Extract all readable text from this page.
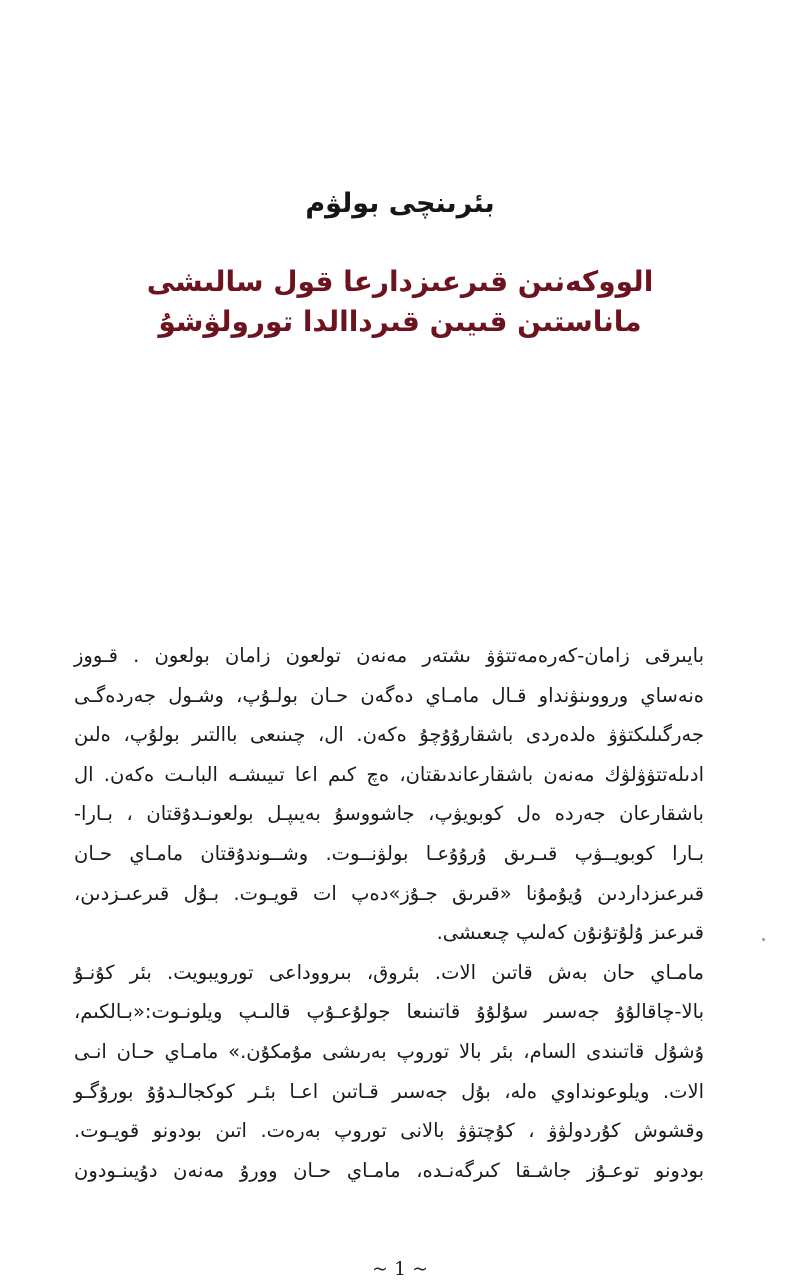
بئرىنچى بولۋم
الووكەنىن قىرعىزدارعا قول سالىشى
ماناستىن قىيىن قىرداالدا تورولۋشۇ

بايىرقى زامان-كەرەمەتتۋۋ ىشتەر مەنەن تولعون زامان بولعون . قـووز
ەنەساي ورووىنۋنداو قـال مامـاي دەگەن حـان بولـۇپ، وشـول جەردەگـى
جەرگىلىكتۋۋ ەلدەردى باشقارۇۇچۇ ەكەن. ال، چىنىعى باالتىر بولۇپ، ەلىن
ادىلەتتۋۋلۋك مەنەن باشقارعاندىقتان، ەچ كىم اعا تىيىشـە الباىـت ەكەن. ال
باشقارعان جەردە ەل كوبويۋپ، جاشووسۇ بەيىپـل بولعونـدۇقتان ، بـارا-
بـارا كوبويــۋپ قىـرىق ۇرۇۇعـا بولۋنــوت. وشــوندۇقتان مامـاي حـان
قىرعىزداردىن ۇيۇمۇنا «قىرىق جـۇز»دەپ ات قويـوت. بـۇل قىرعىـزدىن،
قىرعىز ۇلۇتۇنۇن كەلىپ چىعىشى.

مامـاي حان بەش قاتىن الات. بئروق، بىرووداعى تورويبويت. بئر كۇنـۇ
بالا-چاقالۇۇ جەسىر سۇلۇۇ قاتىنىعا جولۇعـۇپ قالىـپ ويلونـوت:«بـالكىم،
ۇشۇل قاتىندى السام، بئر بالا توروپ بەرىشى مۇمكۇن.» مامـاي حـان انـى
الات. ويلوعونداوي ەلە، بۇل جەسىر قـاتىن اعـا بئـر كوكجالـدۇۇ بورۇگـو
وقشوش كۇردولۋۋ ، كۇچتۋۋ بالانى توروپ بەرەت. اتىن بودونو قويـوت.
بودونو توعـۇز جاشـقا كىرگەنـدە، مامـاي حـان وورۇ مەنەن دۇيىنـودون

~ 1 ~
